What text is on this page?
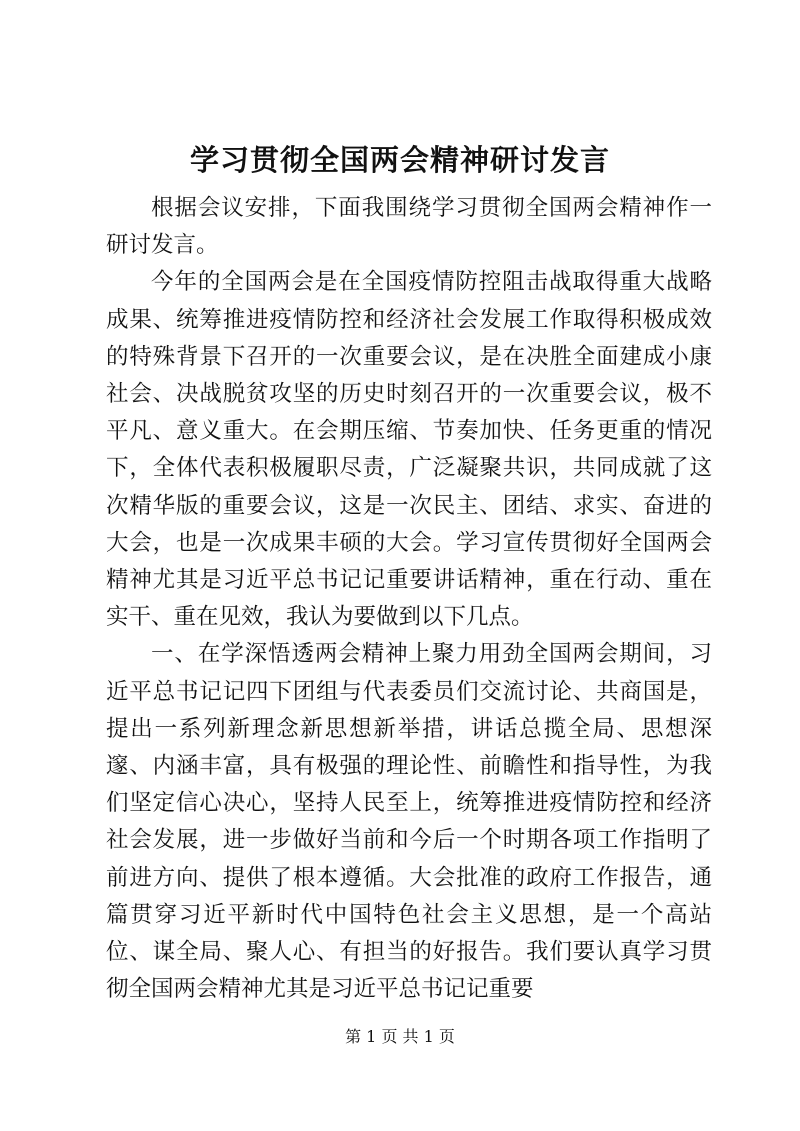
学习贯彻全国两会精神研讨发言

根据会议安排，下面我围绕学习贯彻全国两会精神作一研讨发言。

今年的全国两会是在全国疫情防控阻击战取得重大战略成果、统筹推进疫情防控和经济社会发展工作取得积极成效的特殊背景下召开的一次重要会议，是在决胜全面建成小康社会、决战脱贫攻坚的历史时刻召开的一次重要会议，极不平凡、意义重大。在会期压缩、节奏加快、任务更重的情况下，全体代表积极履职尽责，广泛凝聚共识，共同成就了这次精华版的重要会议，这是一次民主、团结、求实、奋进的大会，也是一次成果丰硕的大会。学习宣传贯彻好全国两会精神尤其是习近平总书记记重要讲话精神，重在行动、重在实干、重在见效，我认为要做到以下几点。

一、在学深悟透两会精神上聚力用劲全国两会期间，习近平总书记记四下团组与代表委员们交流讨论、共商国是，提出一系列新理念新思想新举措，讲话总揽全局、思想深邃、内涵丰富，具有极强的理论性、前瞻性和指导性，为我们坚定信心决心，坚持人民至上，统筹推进疫情防控和经济社会发展，进一步做好当前和今后一个时期各项工作指明了前进方向、提供了根本遵循。大会批准的政府工作报告，通篇贯穿习近平新时代中国特色社会主义思想，是一个高站位、谋全局、聚人心、有担当的好报告。我们要认真学习贯彻全国两会精神尤其是习近平总书记记重要

第 1 页 共 1 页
